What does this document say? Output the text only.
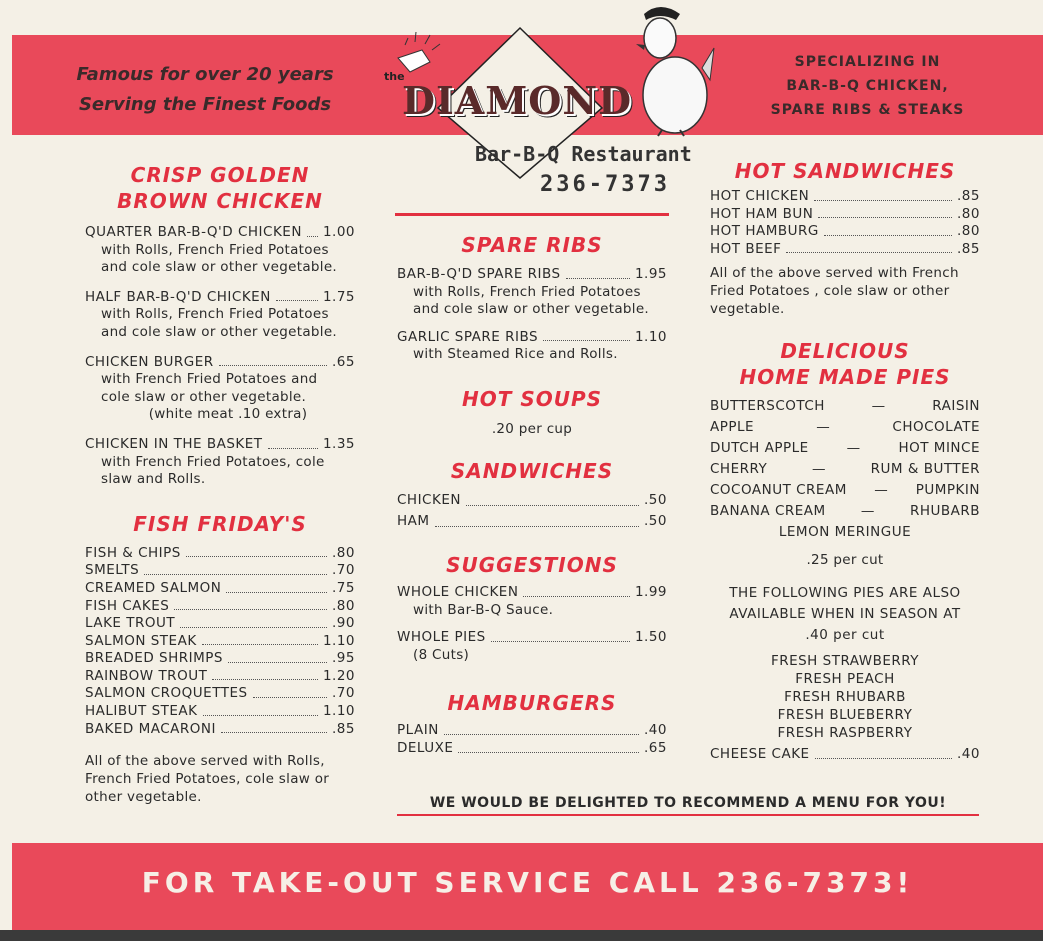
Famous for over 20 years
Serving the Finest Foods
SPECIALIZING IN
BAR-B-Q CHICKEN,
SPARE RIBS & STEAKS
the
DIAMOND
Bar-B-Q Restaurant
236-7373
CRISP GOLDEN
BROWN CHICKEN
QUARTER BAR-B-Q'D CHICKEN 1.00
with Rolls, French Fried Potatoes
and cole slaw or other vegetable.
HALF BAR-B-Q'D CHICKEN	1.75
with Rolls, French Fried Potatoes
and cole slaw or other vegetable.
CHICKEN BURGER	.65
with French Fried Potatoes and
cole slaw or other vegetable.
(white meat .10 extra)
CHICKEN IN THE BASKET	1.35
with French Fried Potatoes, cole
slaw and Rolls.
FISH FRIDAY'S
FISH & CHIPS	.80
SMELTS	.70
CREAMED SALMON	.75
FISH CAKES	.80
LAKE TROUT	.90
SALMON STEAK	1.10
BREADED SHRIMPS	.95
RAINBOW TROUT	1.20
SALMON CROQUETTES	.70
HALIBUT STEAK	1.10
BAKED MACARONI	.85
All of the above served with Rolls,
French Fried Potatoes, cole slaw or
other vegetable.
SPARE RIBS
BAR-B-Q'D SPARE RIBS	1.95
with Rolls, French Fried Potatoes
and cole slaw or other vegetable.
GARLIC SPARE RIBS	1.10
with Steamed Rice and Rolls.
HOT SOUPS
.20 per cup
SANDWICHES
CHICKEN	.50
HAM	.50
SUGGESTIONS
WHOLE CHICKEN	1.99
with Bar-B-Q Sauce.
WHOLE PIES	1.50
(8 Cuts)
HAMBURGERS
PLAIN	.40
DELUXE	.65
WE WOULD BE DELIGHTED TO RECOMMEND A MENU FOR YOU!
HOT SANDWICHES
HOT CHICKEN	.85
HOT HAM BUN	.80
HOT HAMBURG	.80
HOT BEEF	.85
All of the above served with French
Fried Potatoes , cole slaw or other
vegetable.
DELICIOUS
HOME MADE PIES
BUTTERSCOTCH	—	RAISIN
APPLE	—	CHOCOLATE
DUTCH APPLE	—	HOT MINCE
CHERRY	—	RUM & BUTTER
COCOANUT CREAM — PUMPKIN
BANANA CREAM	—	RHUBARB
LEMON MERINGUE
.25 per cut
THE FOLLOWING PIES ARE ALSO
AVAILABLE WHEN IN SEASON AT
.40 per cut
FRESH STRAWBERRY
FRESH PEACH
FRESH RHUBARB
FRESH BLUEBERRY
FRESH RASPBERRY
CHEESE CAKE	.40
FOR TAKE-OUT SERVICE CALL 236-7373!
